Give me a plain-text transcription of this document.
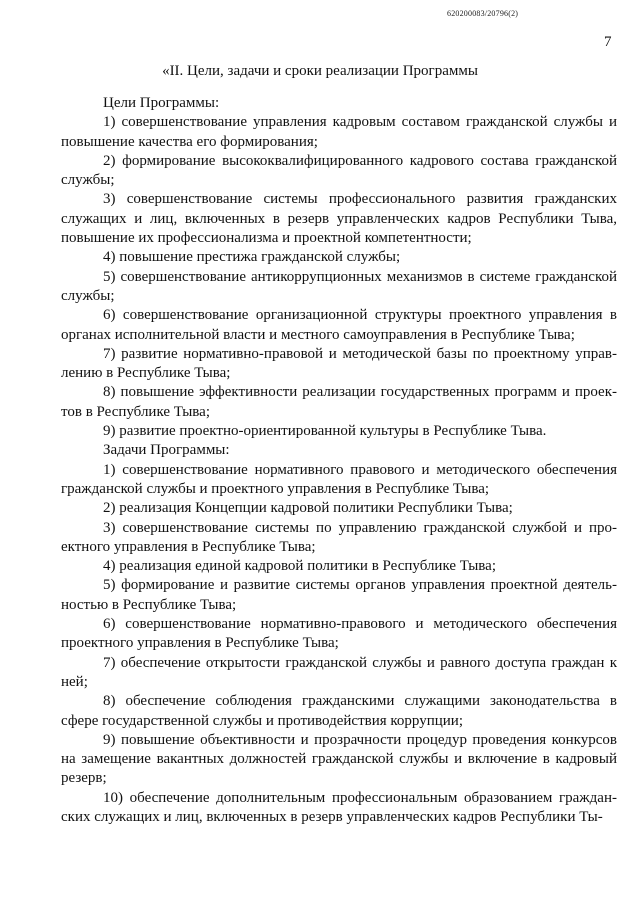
620200083/20796(2)
7
«II. Цели, задачи и сроки реализации Программы

Цели Программы:

1) совершенствование управления кадровым составом гражданской службы и повышение качества его формирования;

2) формирование высококвалифицированного кадрового состава гражданской службы;

3) совершенствование системы профессионального развития гражданских служащих и лиц, включенных в резерв управленческих кадров Республики Тыва, повышение их профессионализма и проектной компетентности;

4) повышение престижа гражданской службы;

5) совершенствование антикоррупционных механизмов в системе гражданской службы;

6) совершенствование организационной структуры проектного управления в органах исполнительной власти и местного самоуправления в Республике Тыва;

7) развитие нормативно-правовой и методической базы по проектному управлению в Республике Тыва;

8) повышение эффективности реализации государственных программ и проектов в Республике Тыва;

9) развитие проектно-ориентированной культуры в Республике Тыва.

Задачи Программы:

1) совершенствование нормативного правового и методического обеспечения гражданской службы и проектного управления в Республике Тыва;

2) реализация Концепции кадровой политики Республики Тыва;

3) совершенствование системы по управлению гражданской службой и проектного управления в Республике Тыва;

4) реализация единой кадровой политики в Республике Тыва;

5) формирование и развитие системы органов управления проектной деятельностью в Республике Тыва;

6) совершенствование нормативно-правового и методического обеспечения проектного управления в Республике Тыва;

7) обеспечение открытости гражданской службы и равного доступа граждан к ней;

8) обеспечение соблюдения гражданскими служащими законодательства в сфере государственной службы и противодействия коррупции;

9) повышение объективности и прозрачности процедур проведения конкурсов на замещение вакантных должностей гражданской службы и включение в кадровый резерв;

10) обеспечение дополнительным профессиональным образованием гражданских служащих и лиц, включенных в резерв управленческих кадров Республики Ты-
